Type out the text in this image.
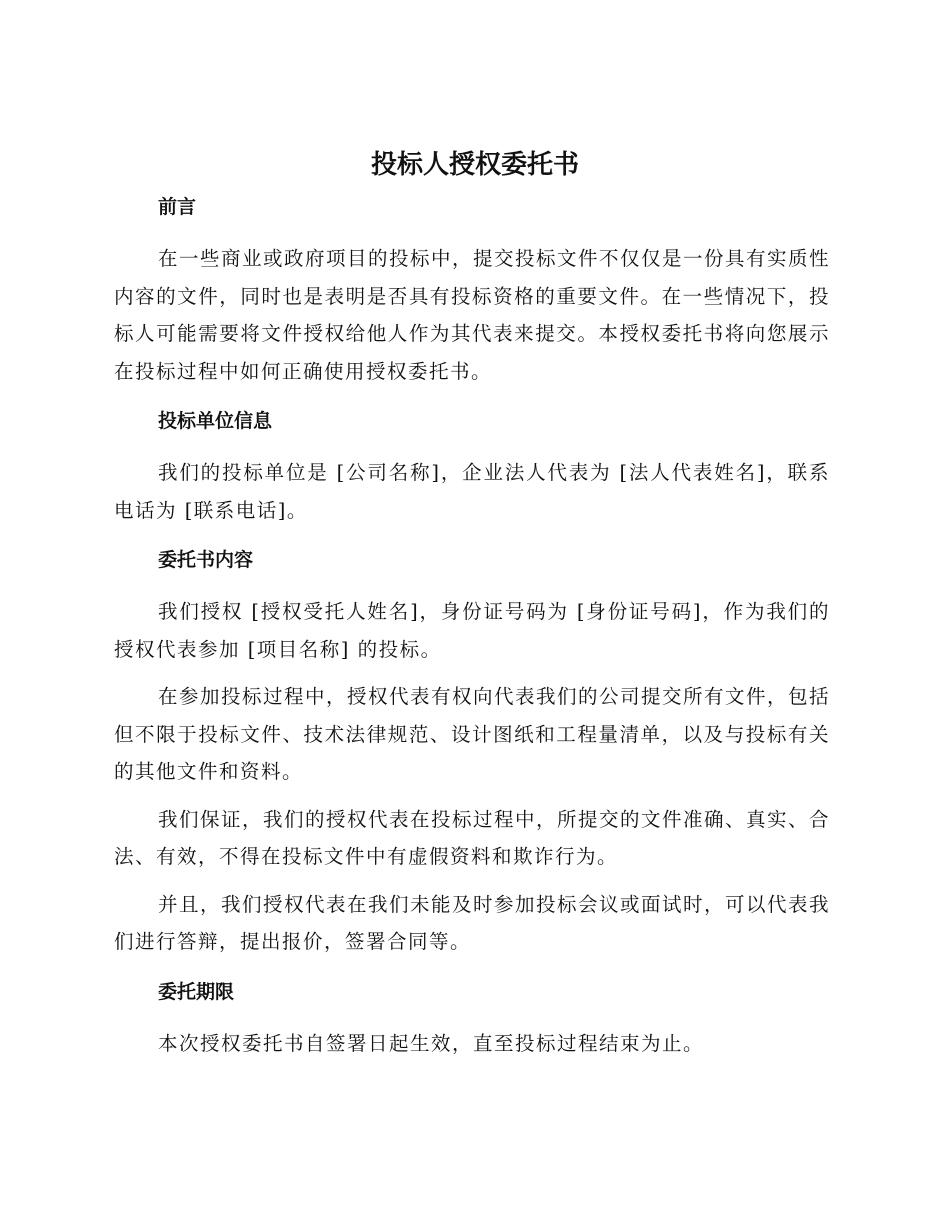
投标人授权委托书
前言

在一些商业或政府项目的投标中，提交投标文件不仅仅是一份具有实质性内容的文件，同时也是表明是否具有投标资格的重要文件。在一些情况下，投标人可能需要将文件授权给他人作为其代表来提交。本授权委托书将向您展示在投标过程中如何正确使用授权委托书。

投标单位信息

我们的投标单位是 [公司名称]，企业法人代表为 [法人代表姓名]，联系电话为 [联系电话]。

委托书内容

我们授权 [授权受托人姓名]，身份证号码为 [身份证号码]，作为我们的授权代表参加 [项目名称] 的投标。

在参加投标过程中，授权代表有权向代表我们的公司提交所有文件，包括但不限于投标文件、技术法律规范、设计图纸和工程量清单，以及与投标有关的其他文件和资料。

我们保证，我们的授权代表在投标过程中，所提交的文件准确、真实、合法、有效，不得在投标文件中有虚假资料和欺诈行为。

并且，我们授权代表在我们未能及时参加投标会议或面试时，可以代表我们进行答辩，提出报价，签署合同等。

委托期限

本次授权委托书自签署日起生效，直至投标过程结束为止。
